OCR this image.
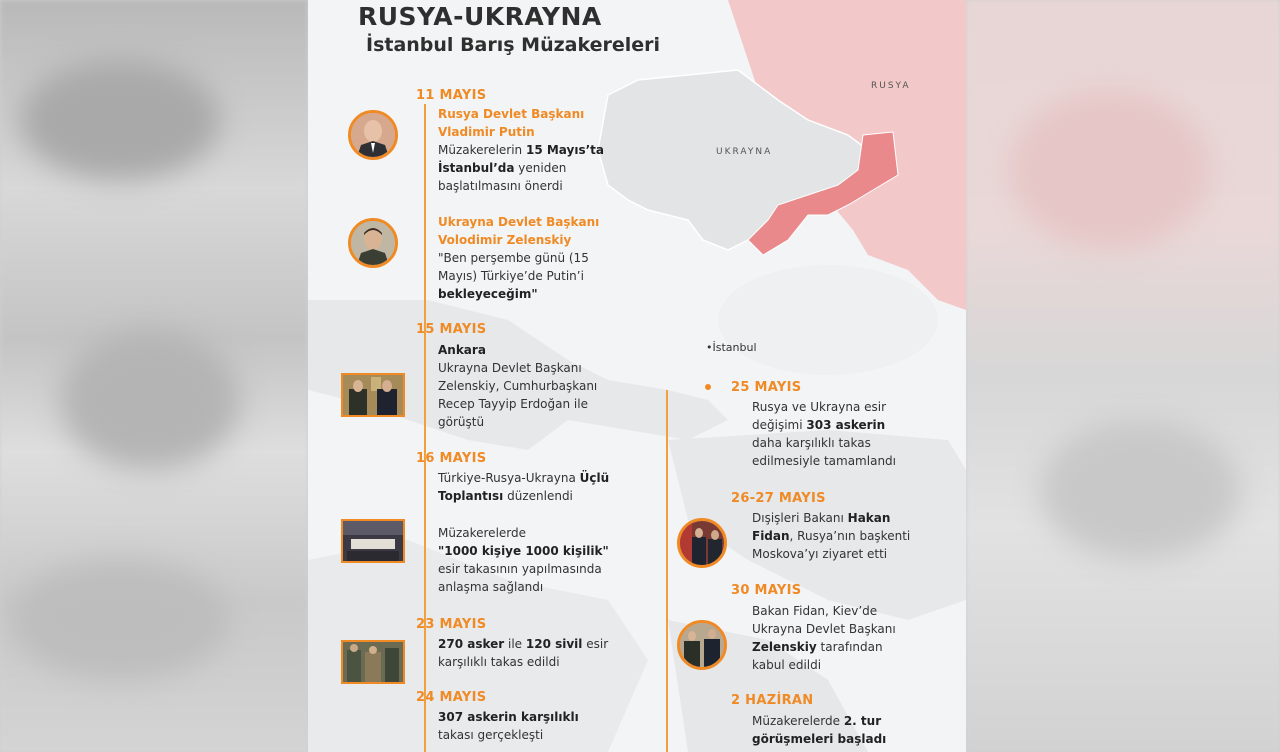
RUSYA-UKRAYNA
İstanbul Barış Müzakereleri
RUSYA
UKRAYNA
•İstanbul
11 MAYIS
Rusya Devlet Başkanı
Vladimir Putin
Müzakerelerin 15 Mayıs’ta
İstanbul’da yeniden
başlatılmasını önerdi
Ukrayna Devlet Başkanı
Volodimir Zelenskiy
"Ben perşembe günü (15
Mayıs) Türkiye’de Putin’i
bekleyeceğim"
15 MAYIS
Ankara
Ukrayna Devlet Başkanı
Zelenskiy, Cumhurbaşkanı
Recep Tayyip Erdoğan ile
görüştü
16 MAYIS
Türkiye-Rusya-Ukrayna Üçlü
Toplantısı düzenlendi
Müzakerelerde
"1000 kişiye 1000 kişilik"
esir takasının yapılmasında
anlaşma sağlandı
23 MAYIS
270 asker ile 120 sivil esir
karşılıklı takas edildi
24 MAYIS
307 askerin karşılıklı
takası gerçekleşti
25 MAYIS
Rusya ve Ukrayna esir
değişimi 303 askerin
daha karşılıklı takas
edilmesiyle tamamlandı
26-27 MAYIS
Dışişleri Bakanı Hakan
Fidan, Rusya’nın başkenti
Moskova’yı ziyaret etti
30 MAYIS
Bakan Fidan, Kiev’de
Ukrayna Devlet Başkanı
Zelenskiy tarafından
kabul edildi
2 HAZİRAN
Müzakerelerde 2. tur
görüşmeleri başladı
